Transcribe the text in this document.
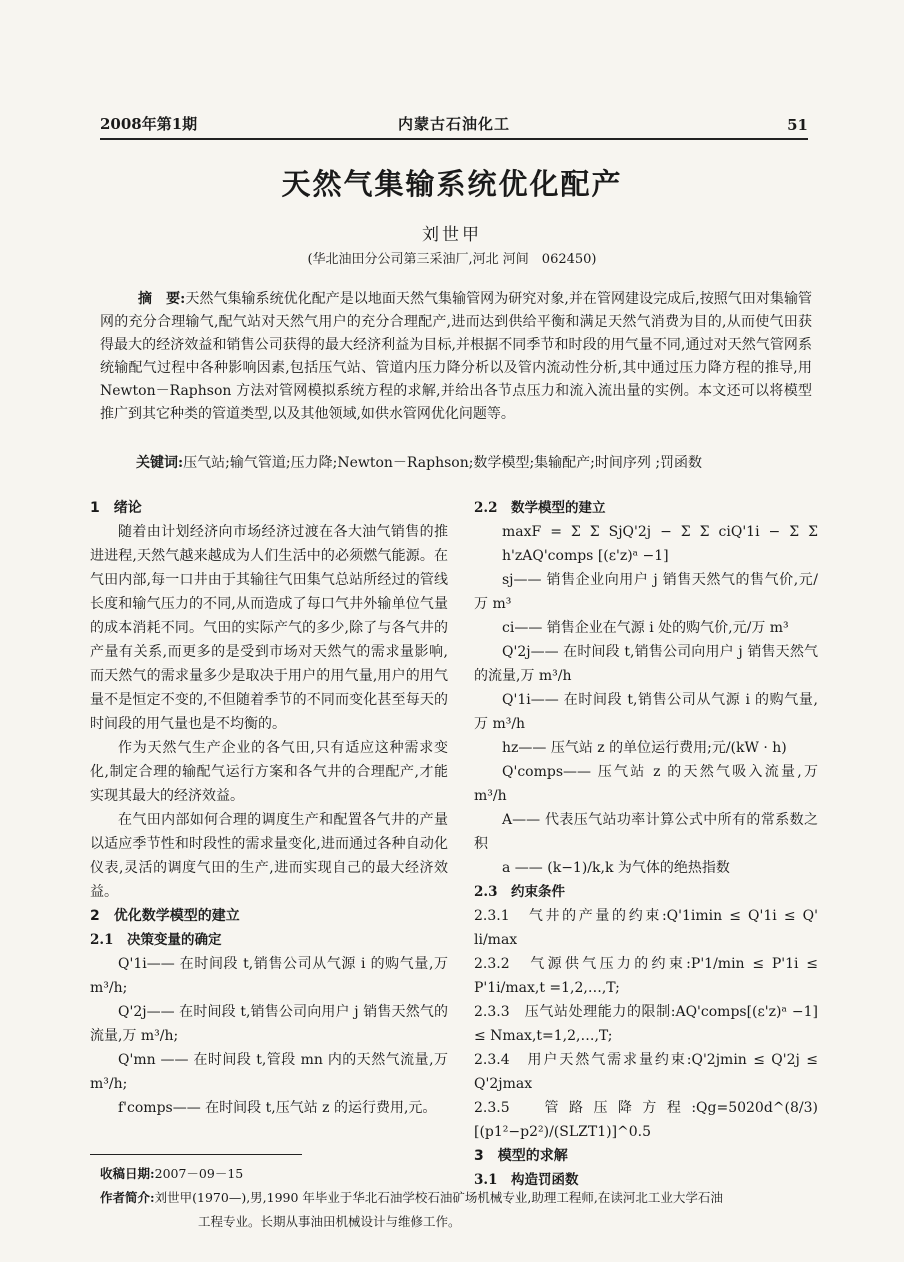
2008年第1期	内蒙古石油化工	51
天然气集输系统优化配产
刘世甲
(华北油田分公司第三采油厂,河北 河间　062450)
摘　要:天然气集输系统优化配产是以地面天然气集输管网为研究对象,并在管网建设完成后,按照气田对集输管网的充分合理输气,配气站对天然气用户的充分合理配产,进而达到供给平衡和满足天然气消费为目的,从而使气田获得最大的经济效益和销售公司获得的最大经济利益为目标,并根据不同季节和时段的用气量不同,通过对天然气管网系统输配气过程中各种影响因素,包括压气站、管道内压力降分析以及管内流动性分析,其中通过压力降方程的推导,用Newton－Raphson 方法对管网模拟系统方程的求解,并给出各节点压力和流入流出量的实例。本文还可以将模型推广到其它种类的管道类型,以及其他领域,如供水管网优化问题等。
关键词:压气站;输气管道;压力降;Newton－Raphson;数学模型;集输配产;时间序列 ;罚函数
1　绪论

随着由计划经济向市场经济过渡在各大油气销售的推进进程,天然气越来越成为人们生活中的必须燃气能源。在气田内部,每一口井由于其输往气田集气总站所经过的管线长度和输气压力的不同,从而造成了每口气井外输单位气量的成本消耗不同。气田的实际产气的多少,除了与各气井的产量有关系,而更多的是受到市场对天然气的需求量影响,而天然气的需求量多少是取决于用户的用气量,用户的用气量不是恒定不变的,不但随着季节的不同而变化甚至每天的时间段的用气量也是不均衡的。

作为天然气生产企业的各气田,只有适应这种需求变化,制定合理的输配气运行方案和各气井的合理配产,才能实现其最大的经济效益。

在气田内部如何合理的调度生产和配置各气井的产量以适应季节性和时段性的需求量变化,进而通过各种自动化仪表,灵活的调度气田的生产,进而实现自己的最大经济效益。

2　优化数学模型的建立
2.1　决策变量的确定

Q'1i—— 在时间段 t,销售公司从气源 i 的购气量,万 m³/h;

Q'2j—— 在时间段 t,销售公司向用户 j 销售天然气的流量,万 m³/h;

Q'mn —— 在时间段 t,管段 mn 内的天然气流量,万 m³/h;

f'comps—— 在时间段 t,压气站 z 的运行费用,元。

2.2　数学模型的建立

maxF = Σ Σ SjQ'2j − Σ Σ ciQ'1i − Σ Σ h'zAQ'comps [(ε'z)ᵃ −1]

sj—— 销售企业向用户 j 销售天然气的售气价,元/万 m³

ci—— 销售企业在气源 i 处的购气价,元/万 m³

Q'2j—— 在时间段 t,销售公司向用户 j 销售天然气的流量,万 m³/h

Q'1i—— 在时间段 t,销售公司从气源 i 的购气量,万 m³/h

hz—— 压气站 z 的单位运行费用;元/(kW · h)

Q'comps—— 压气站 z 的天然气吸入流量,万 m³/h

A—— 代表压气站功率计算公式中所有的常系数之积

a —— (k−1)/k,k 为气体的绝热指数

2.3　约束条件

2.3.1　气井的产量的约束:Q'1imin ≤ Q'1i ≤ Q' li/max

2.3.2　气源供气压力的约束:P'1/min ≤ P'1i ≤ P'1i/max,t =1,2,…,T;

2.3.3　压气站处理能力的限制:AQ'comps[(ε'z)ᵃ −1] ≤ Nmax,t=1,2,…,T;

2.3.4　用户天然气需求量约束:Q'2jmin ≤ Q'2j ≤ Q'2jmax

2.3.5　管路压降方程:Qg=5020d^(8/3)[(p1²−p2²)/(SLZT1)]^0.5

3　模型的求解
3.1　构造罚函数
收稿日期:2007－09－15
作者简介:刘世甲(1970—),男,1990 年毕业于华北石油学校石油矿场机械专业,助理工程师,在读河北工业大学石油
工程专业。长期从事油田机械设计与维修工作。
